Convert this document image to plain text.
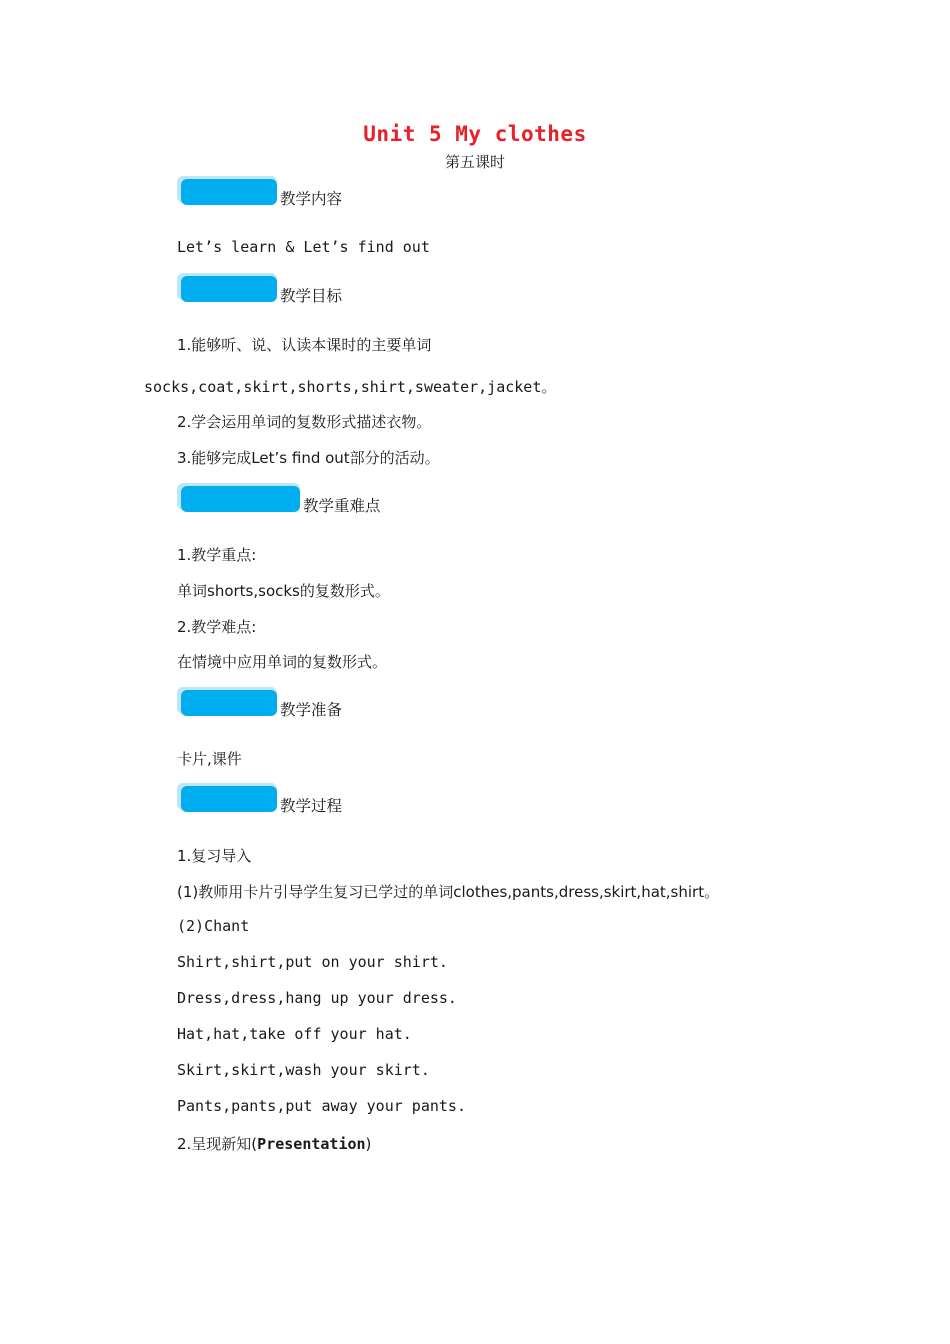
Unit 5 My clothes
第五课时
教学内容
Let’s learn & Let’s find out
教学目标
1.能够听、说、认读本课时的主要单词
socks,coat,skirt,shorts,shirt,sweater,jacket。
2.学会运用单词的复数形式描述衣物。
3.能够完成Let’s find out部分的活动。
教学重难点
1.教学重点:
单词shorts,socks的复数形式。
2.教学难点:
在情境中应用单词的复数形式。
教学准备
卡片,课件
教学过程
1.复习导入
(1)教师用卡片引导学生复习已学过的单词clothes,pants,dress,skirt,hat,shirt。
(2)Chant
Shirt,shirt,put on your shirt.
Dress,dress,hang up your dress.
Hat,hat,take off your hat.
Skirt,skirt,wash your skirt.
Pants,pants,put away your pants.
2.呈现新知(Presentation)
